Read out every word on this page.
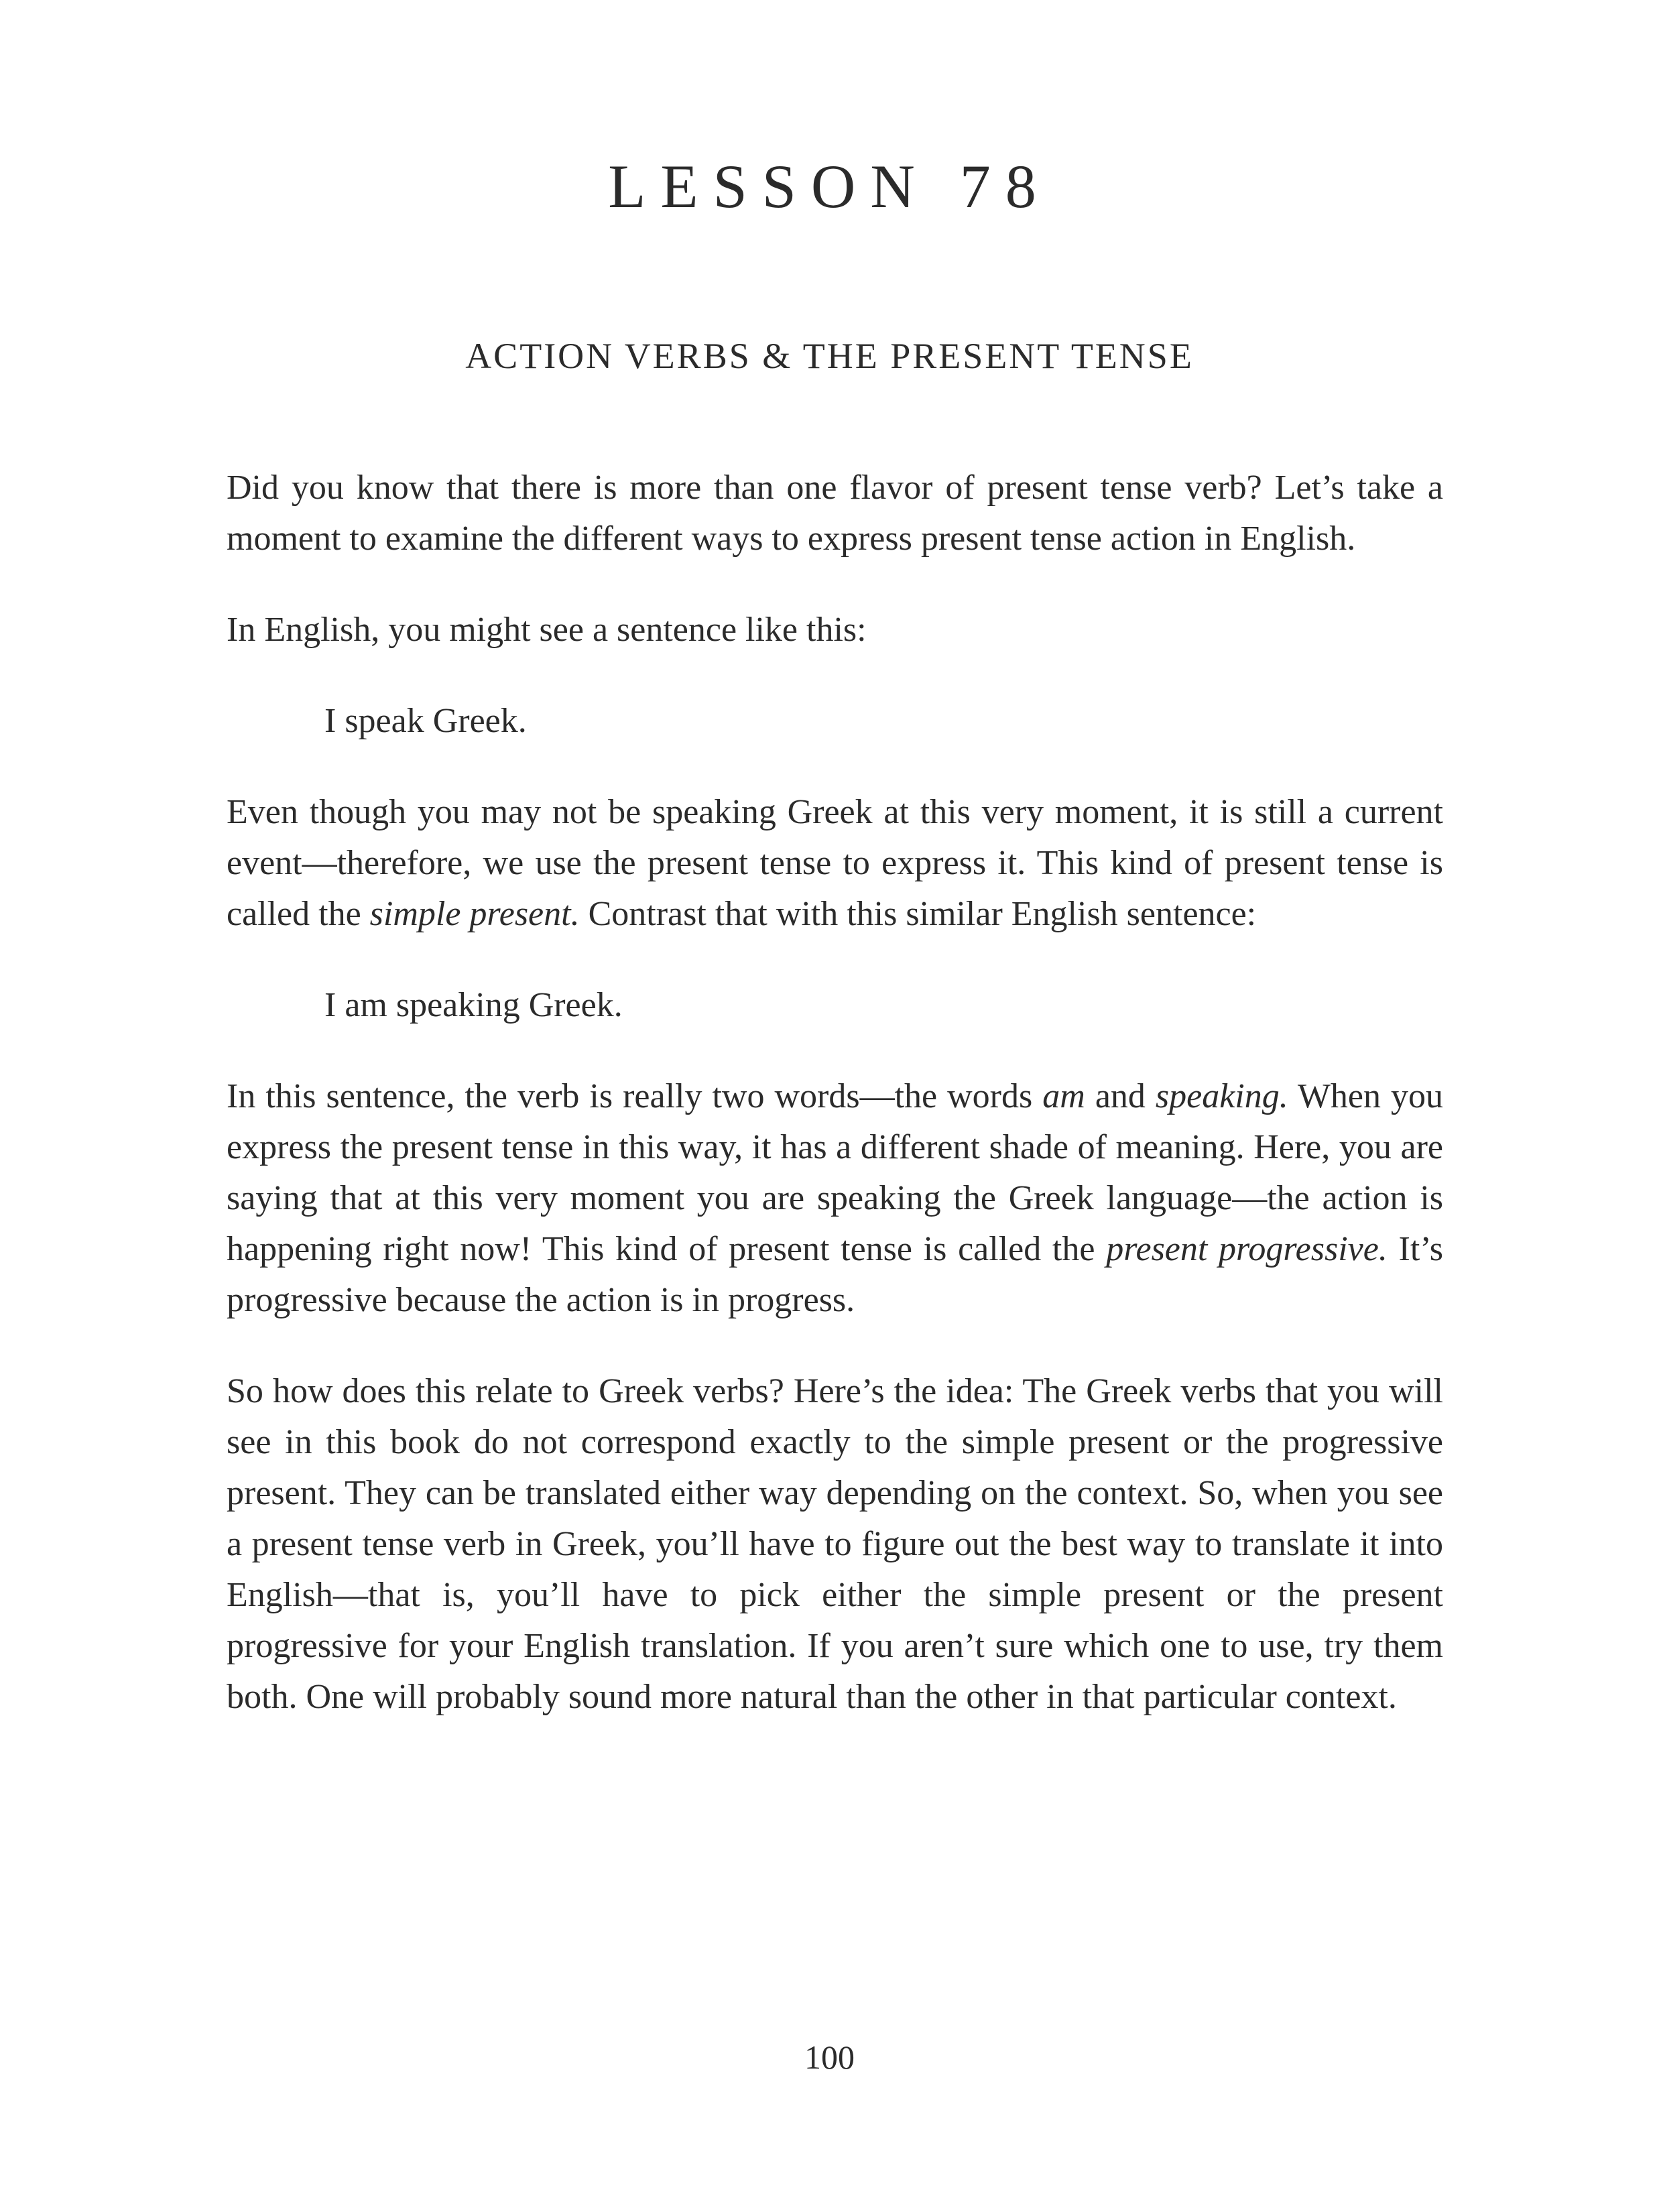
LESSON 78
ACTION VERBS & THE PRESENT TENSE

Did you know that there is more than one flavor of present tense verb? Let’s take a moment to examine the different ways to express present tense action in English.

In English, you might see a sentence like this:

I speak Greek.

Even though you may not be speaking Greek at this very moment, it is still a current event—therefore, we use the present tense to express it. This kind of present tense is called the simple present. Contrast that with this similar English sentence:

I am speaking Greek.

In this sentence, the verb is really two words—the words am and speaking. When you express the present tense in this way, it has a different shade of meaning. Here, you are saying that at this very moment you are speaking the Greek language—the action is happening right now! This kind of present tense is called the present progressive. It’s progressive because the action is in progress.

So how does this relate to Greek verbs? Here’s the idea: The Greek verbs that you will see in this book do not correspond exactly to the simple present or the progressive present. They can be translated either way depending on the context. So, when you see a present tense verb in Greek, you’ll have to figure out the best way to translate it into English—that is, you’ll have to pick either the simple present or the present progressive for your English translation. If you aren’t sure which one to use, try them both. One will probably sound more natural than the other in that particular context.

100
